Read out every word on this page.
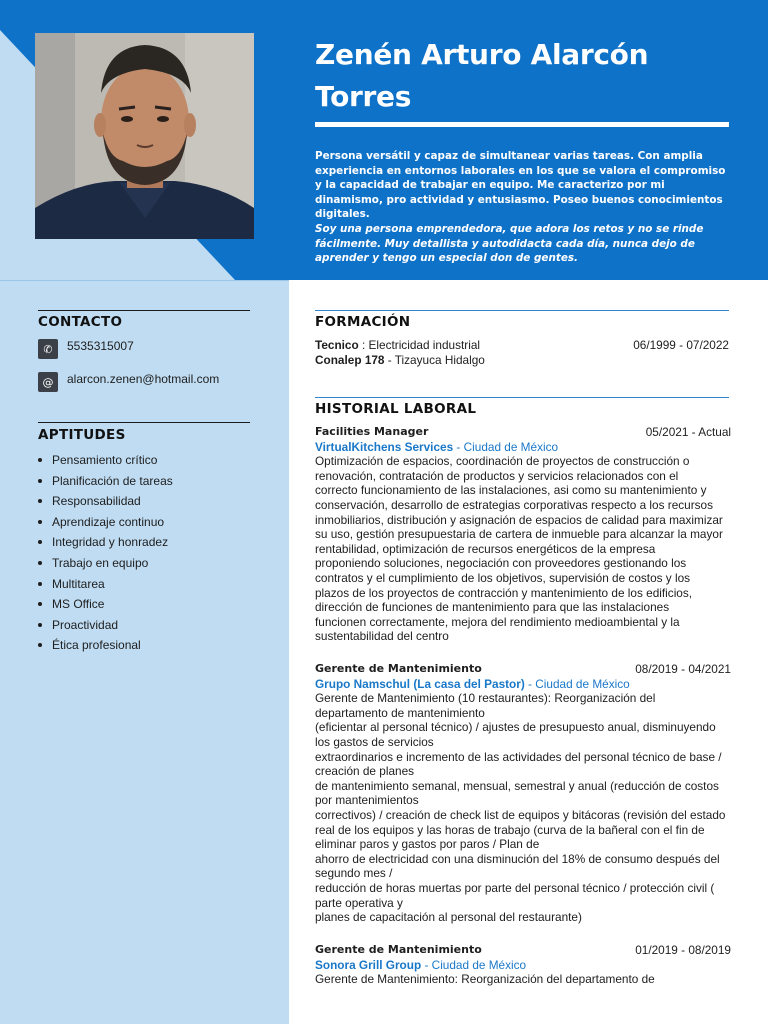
Zenén Arturo Alarcón
Torres
Persona versátil y capaz de simultanear varias tareas. Con amplia experiencia en entornos laborales en los que se valora el compromiso y la capacidad de trabajar en equipo. Me caracterizo por mi dinamismo, pro actividad y entusiasmo. Poseo buenos conocimientos digitales.
Soy una persona emprendedora, que adora los retos y no se rinde fácilmente. Muy detallista y autodidacta cada día, nunca dejo de aprender y tengo un especial don de gentes.
CONTACTO
✆	5535315007
@	alarcon.zenen@hotmail.com
APTITUDES
Pensamiento crítico
Planificación de tareas
Responsabilidad
Aprendizaje continuo
Integridad y honradez
Trabajo en equipo
Multitarea
MS Office
Proactividad
Ética profesional
FORMACIÓN
Tecnico : Electricidad industrial	06/1999 - 07/2022
Conalep 178 - Tizayuca Hidalgo
HISTORIAL LABORAL
Facilities Manager	05/2021 - Actual
VirtualKitchens Services - Ciudad de México
Optimización de espacios, coordinación de proyectos de construcción o
renovación, contratación de productos y servicios relacionados con el
correcto funcionamiento de las instalaciones, asi como su mantenimiento y
conservación, desarrollo de estrategias corporativas respecto a los recursos
inmobiliarios, distribución y asignación de espacios de calidad para maximizar
su uso, gestión presupuestaria de cartera de inmueble para alcanzar la mayor
rentabilidad, optimización de recursos energéticos de la empresa
proponiendo soluciones, negociación con proveedores gestionando los
contratos y el cumplimiento de los objetivos, supervisión de costos y los
plazos de los proyectos de contracción y mantenimiento de los edificios,
dirección de funciones de mantenimiento para que las instalaciones
funcionen correctamente, mejora del rendimiento medioambiental y la
sustentabilidad del centro
Gerente de Mantenimiento	08/2019 - 04/2021
Grupo Namschul (La casa del Pastor) - Ciudad de México
Gerente de Mantenimiento (10 restaurantes): Reorganización del
departamento de mantenimiento
(eficientar al personal técnico) / ajustes de presupuesto anual, disminuyendo
los gastos de servicios
extraordinarios e incremento de las actividades del personal técnico de base /
creación de planes
de mantenimiento semanal, mensual, semestral y anual (reducción de costos
por mantenimientos
correctivos) / creación de check list de equipos y bitácoras (revisión del estado
real de los equipos y las horas de trabajo (curva de la bañeral con el fin de
eliminar paros y gastos por paros / Plan de
ahorro de electricidad con una disminución del 18% de consumo después del
segundo mes /
reducción de horas muertas por parte del personal técnico / protección civil (
parte operativa y
planes de capacitación al personal del restaurante)
Gerente de Mantenimiento	01/2019 - 08/2019
Sonora Grill Group - Ciudad de México
Gerente de Mantenimiento: Reorganización del departamento de
